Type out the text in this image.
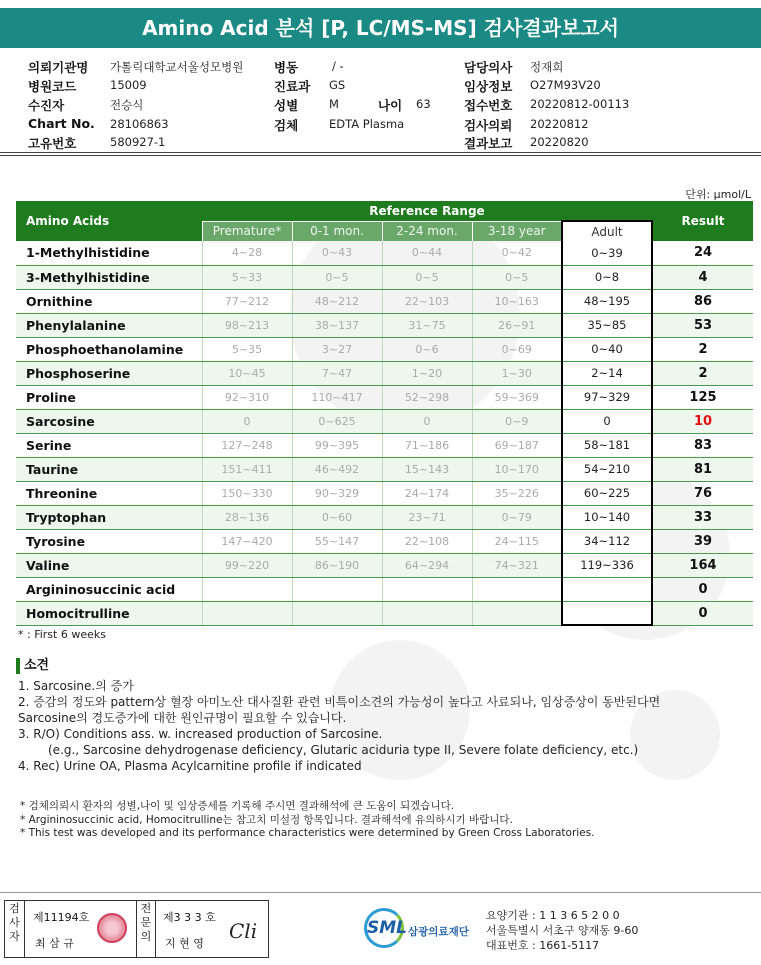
Amino Acid 분석 [P, LC/MS-MS] 검사결과보고서
의뢰기관명 가톨릭대학교서울성모병원
병원코드	15009
수진자	전승식
Chart No. 28106863
고유번호	580927-1
병동	/ -
진료과 GS
성별	M	나이 63
검체	EDTA Plasma
담당의사 정재희
임상정보 O27M93V20
접수번호 20220812-00113
검사의뢰 20220812
결과보고 20220820
단위: μmol/L
Amino Acids	Reference Range					Result
	Premature*	0-1 mon.	2-24 mon.	3-18 year	Adult	
1-Methylhistidine	4~28	0~43	0~44	0~42	0~39	24
3-Methylhistidine	5~33	0~5	0~5	0~5	0~8	4
Ornithine	77~212	48~212	22~103	10~163	48~195	86
Phenylalanine	98~213	38~137	31~75	26~91	35~85	53
Phosphoethanolamine	5~35	3~27	0~6	0~69	0~40	2
Phosphoserine	10~45	7~47	1~20	1~30	2~14	2
Proline	92~310	110~417	52~298	59~369	97~329	125
Sarcosine	0	0~625	0	0~9	0	10
Serine	127~248	99~395	71~186	69~187	58~181	83
Taurine	151~411	46~492	15~143	10~170	54~210	81
Threonine	150~330	90~329	24~174	35~226	60~225	76
Tryptophan	28~136	0~60	23~71	0~79	10~140	33
Tyrosine	147~420	55~147	22~108	24~115	34~112	39
Valine	99~220	86~190	64~294	74~321	119~336	164
Argininosuccinic acid						0
Homocitrulline						0
* : First 6 weeks
소견
1. Sarcosine.의 증가
2. 증감의 정도와 pattern상 혈장 아미노산 대사질환 관련 비특이소견의 가능성이 높다고 사료되나, 임상증상이 동반된다면
Sarcosine의 경도증가에 대한 원인규명이 필요할 수 있습니다.
3. R/O) Conditions ass. w. increased production of Sarcosine.
(e.g., Sarcosine dehydrogenase deficiency, Glutaric aciduria type II, Severe folate deficiency, etc.)
4. Rec) Urine OA, Plasma Acylcarnitine profile if indicated
* 검체의뢰시 환자의 성별,나이 및 임상증세를 기록해 주시면 결과해석에 큰 도움이 되겠습니다.
* Argininosuccinic acid, Homocitrulline는 참고치 미설정 항목입니다. 결과해석에 유의하시기 바랍니다.
* This test was developed and its performance characteristics were determined by Green Cross Laboratories.
검
사
자
제11194호
최 삼 규
전
문
의
제3 3 3 호
지 현 영
Cli	SML 삼광의료재단
요양기관 : 1 1 3 6 5 2 0 0
서울특별시 서초구 양재동 9-60
대표번호 : 1661-5117
